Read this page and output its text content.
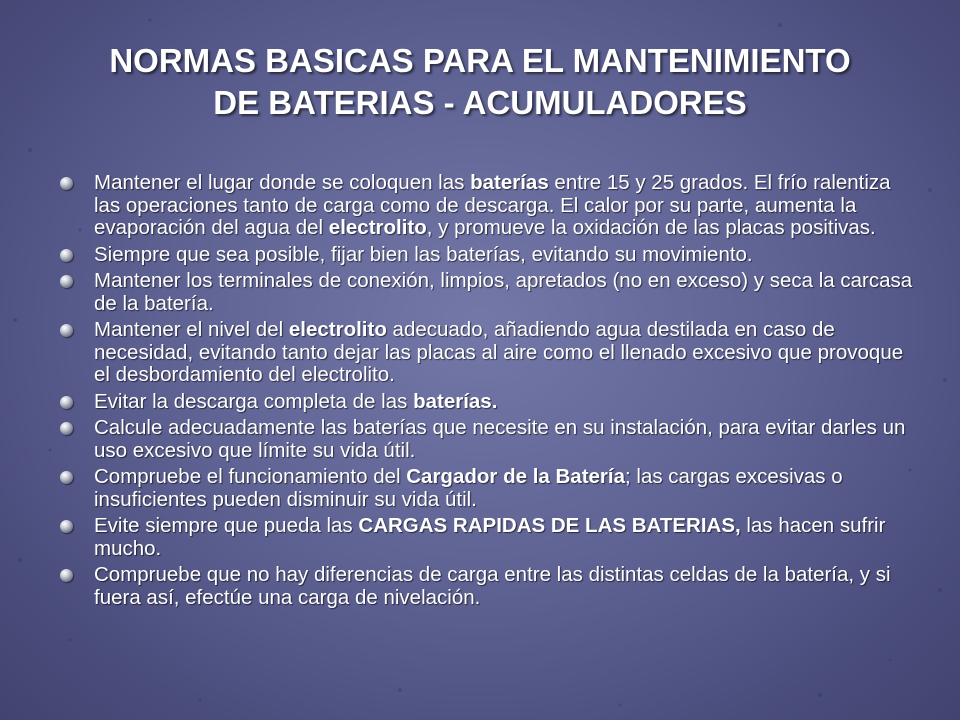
NORMAS BASICAS PARA EL MANTENIMIENTO
DE BATERIAS - ACUMULADORES
Mantener el lugar donde se coloquen las baterías entre 15 y 25 grados. El frío ralentiza las operaciones tanto de carga como de descarga. El calor por su parte, aumenta la evaporación del agua del electrolito, y promueve la oxidación de las placas positivas.
Siempre que sea posible, fijar bien las baterías, evitando su movimiento.
Mantener los terminales de conexión, limpios, apretados (no en exceso) y seca la carcasa de la batería.
Mantener el nivel del electrolito adecuado, añadiendo agua destilada en caso de necesidad, evitando tanto dejar las placas al aire como el llenado excesivo que provoque el desbordamiento del electrolito.
Evitar la descarga completa de las baterías.
Calcule adecuadamente las baterías que necesite en su instalación, para evitar darles un uso excesivo que límite su vida útil.
Compruebe el funcionamiento del Cargador de la Batería; las cargas excesivas o insuficientes pueden disminuir su vida útil.
Evite siempre que pueda las CARGAS RAPIDAS DE LAS BATERIAS, las hacen sufrir mucho.
Compruebe que no hay diferencias de carga entre las distintas celdas de la batería, y si fuera así, efectúe una carga de nivelación.
